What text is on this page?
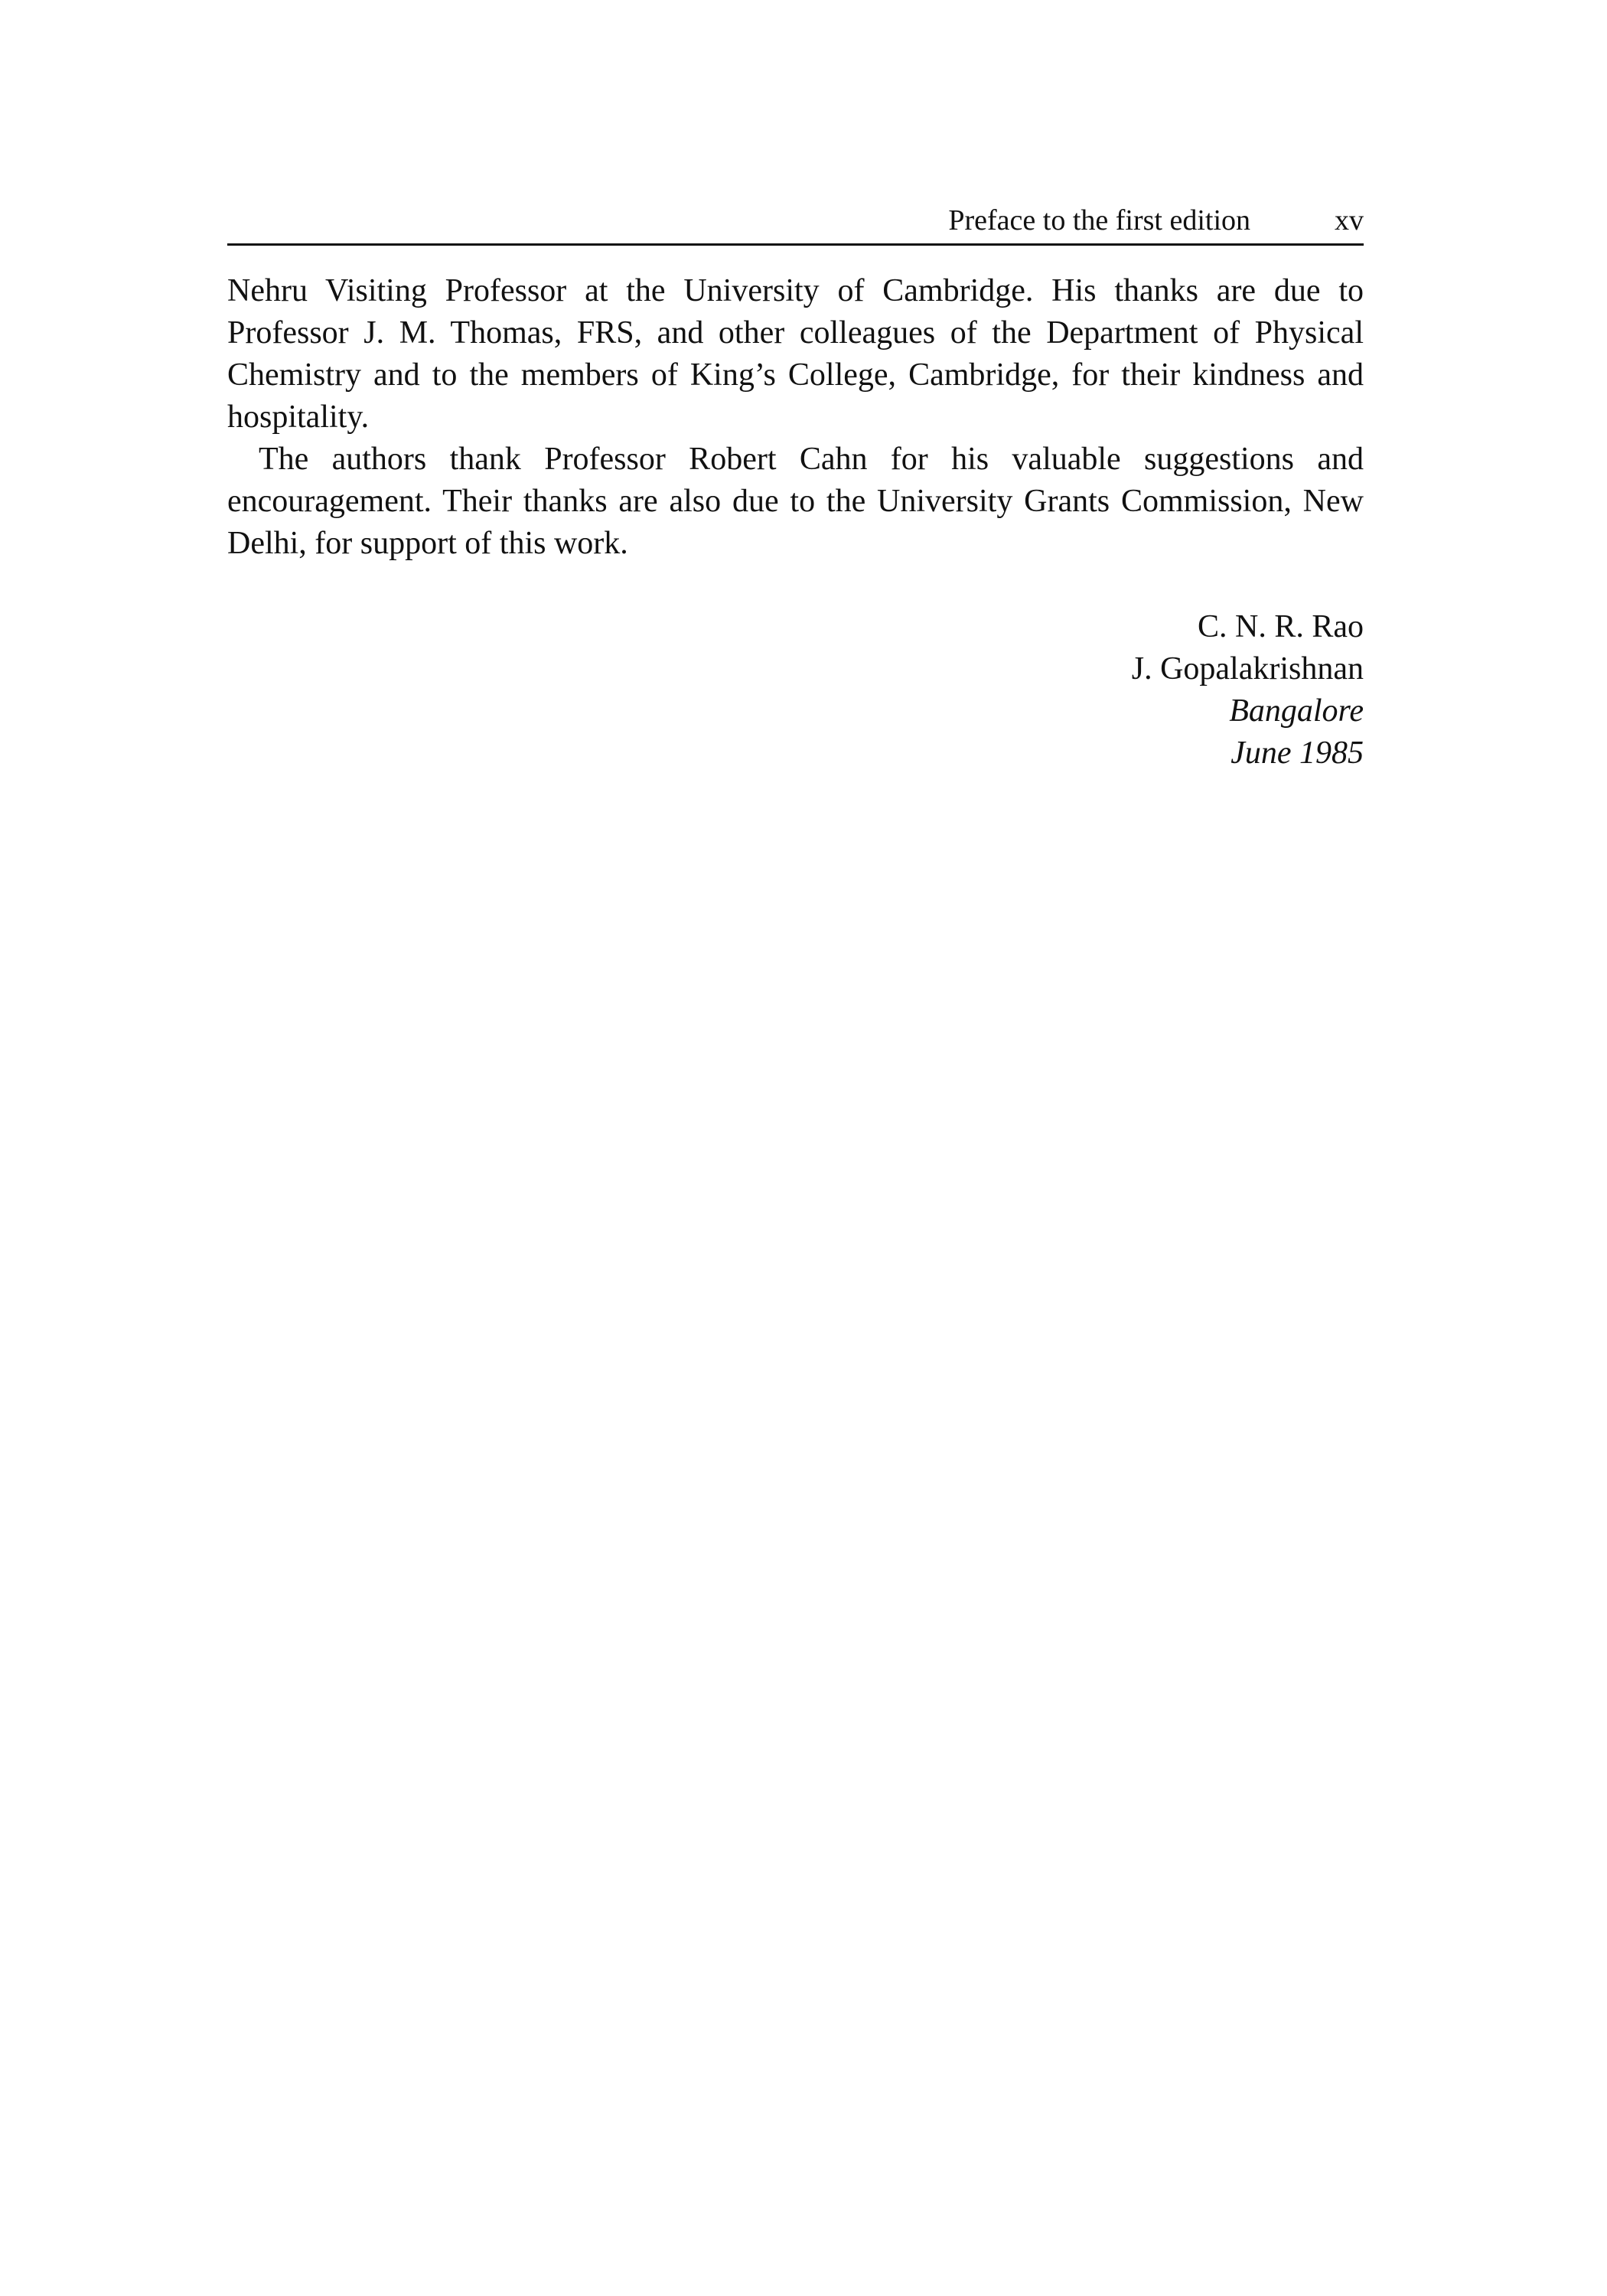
Preface to the first edition	xv

Nehru Visiting Professor at the University of Cambridge. His thanks are due to Professor J. M. Thomas, FRS, and other colleagues of the Department of Physical Chemistry and to the members of King’s College, Cambridge, for their kindness and hospitality.

The authors thank Professor Robert Cahn for his valuable suggestions and encouragement. Their thanks are also due to the University Grants Commission, New Delhi, for support of this work.

C. N. R. Rao
J. Gopalakrishnan
Bangalore
June 1985
